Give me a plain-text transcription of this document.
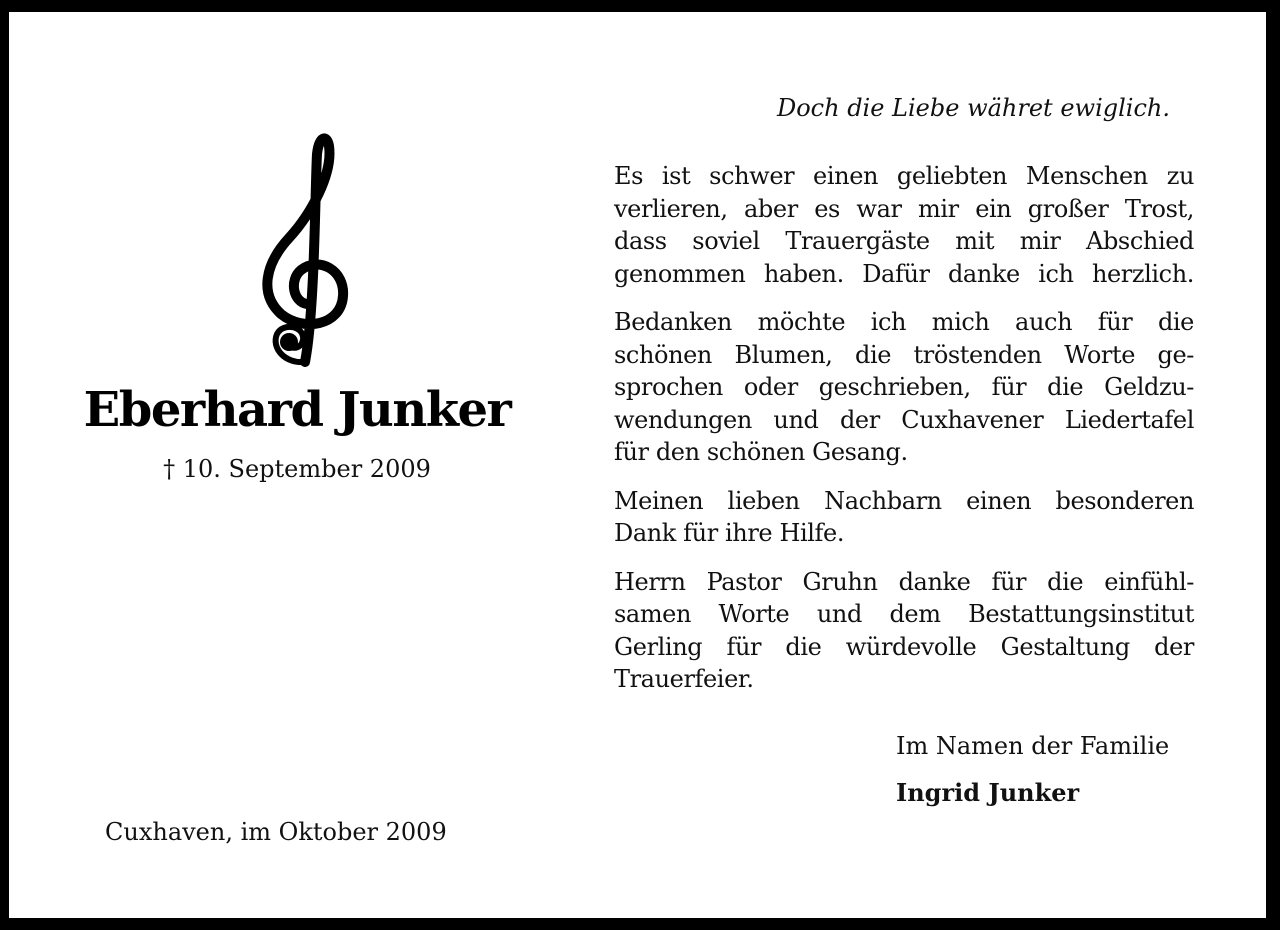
Eberhard Junker
† 10. September 2009
Cuxhaven, im Oktober 2009
Doch die Liebe währet ewiglich.
Es ist schwer einen geliebten Menschen zu
verlieren, aber es war mir ein großer Trost,
dass soviel Trauergäste mit mir Abschied
genommen haben. Dafür danke ich herzlich.
Bedanken möchte ich mich auch für die
schönen Blumen, die tröstenden Worte ge-
sprochen oder geschrieben, für die Geldzu-
wendungen und der Cuxhavener Liedertafel
für den schönen Gesang.
Meinen lieben Nachbarn einen besonderen
Dank für ihre Hilfe.
Herrn Pastor Gruhn danke für die einfühl-
samen Worte und dem Bestattungsinstitut
Gerling für die würdevolle Gestaltung der
Trauerfeier.
Im Namen der Familie
Ingrid Junker
